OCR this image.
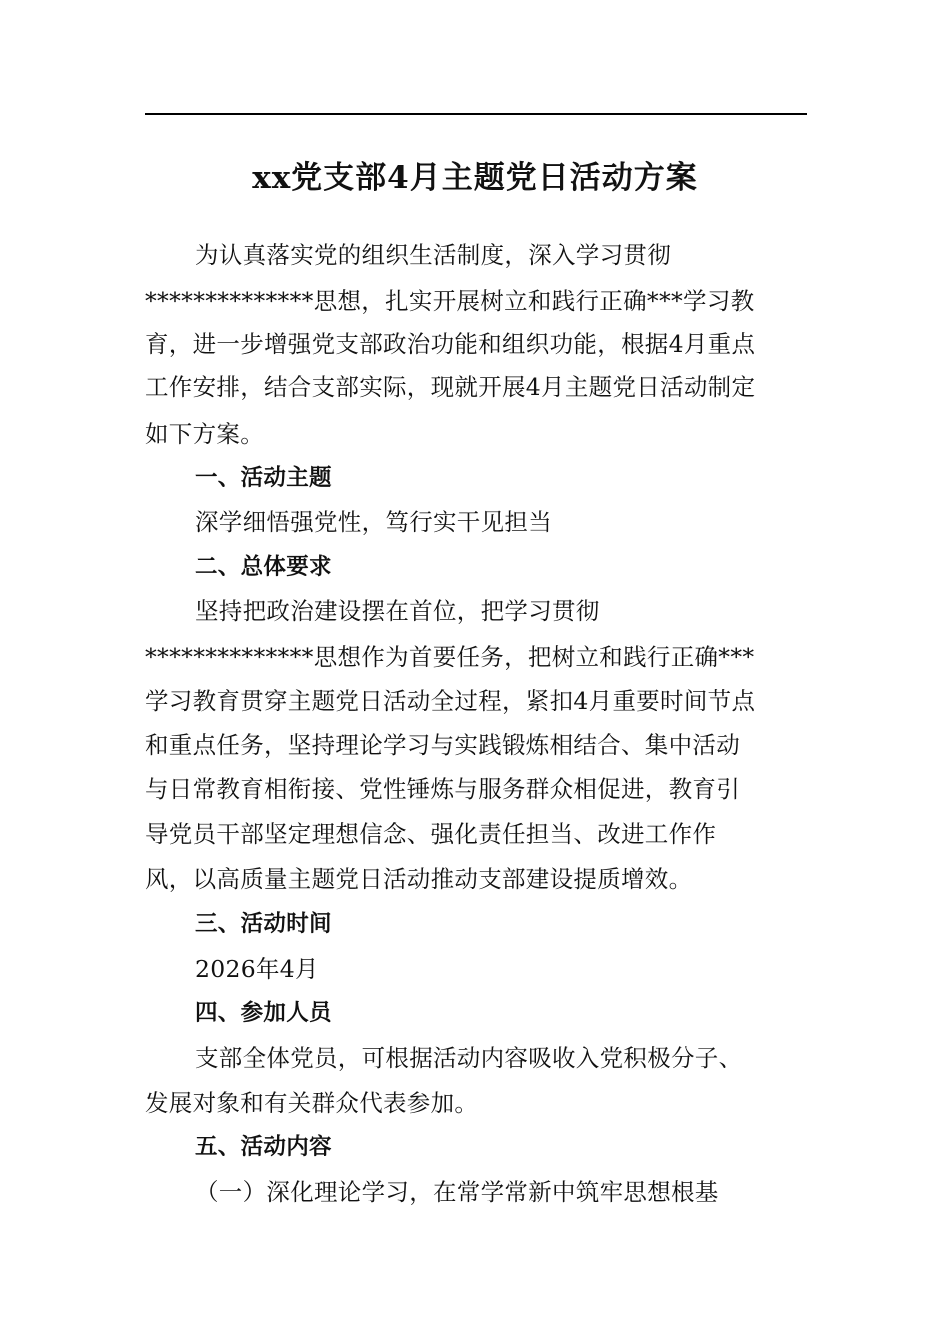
xx党支部4月主题党日活动方案
为认真落实党的组织生活制度，深入学习贯彻
**************思想，扎实开展树立和践行正确***学习教
育，进一步增强党支部政治功能和组织功能，根据4月重点
工作安排，结合支部实际，现就开展4月主题党日活动制定
如下方案。
一、活动主题
深学细悟强党性，笃行实干见担当
二、总体要求
坚持把政治建设摆在首位，把学习贯彻
**************思想作为首要任务，把树立和践行正确***
学习教育贯穿主题党日活动全过程，紧扣4月重要时间节点
和重点任务，坚持理论学习与实践锻炼相结合、集中活动
与日常教育相衔接、党性锤炼与服务群众相促进，教育引
导党员干部坚定理想信念、强化责任担当、改进工作作
风，以高质量主题党日活动推动支部建设提质增效。
三、活动时间
2026年4月
四、参加人员
支部全体党员，可根据活动内容吸收入党积极分子、
发展对象和有关群众代表参加。
五、活动内容
（一）深化理论学习，在常学常新中筑牢思想根基
